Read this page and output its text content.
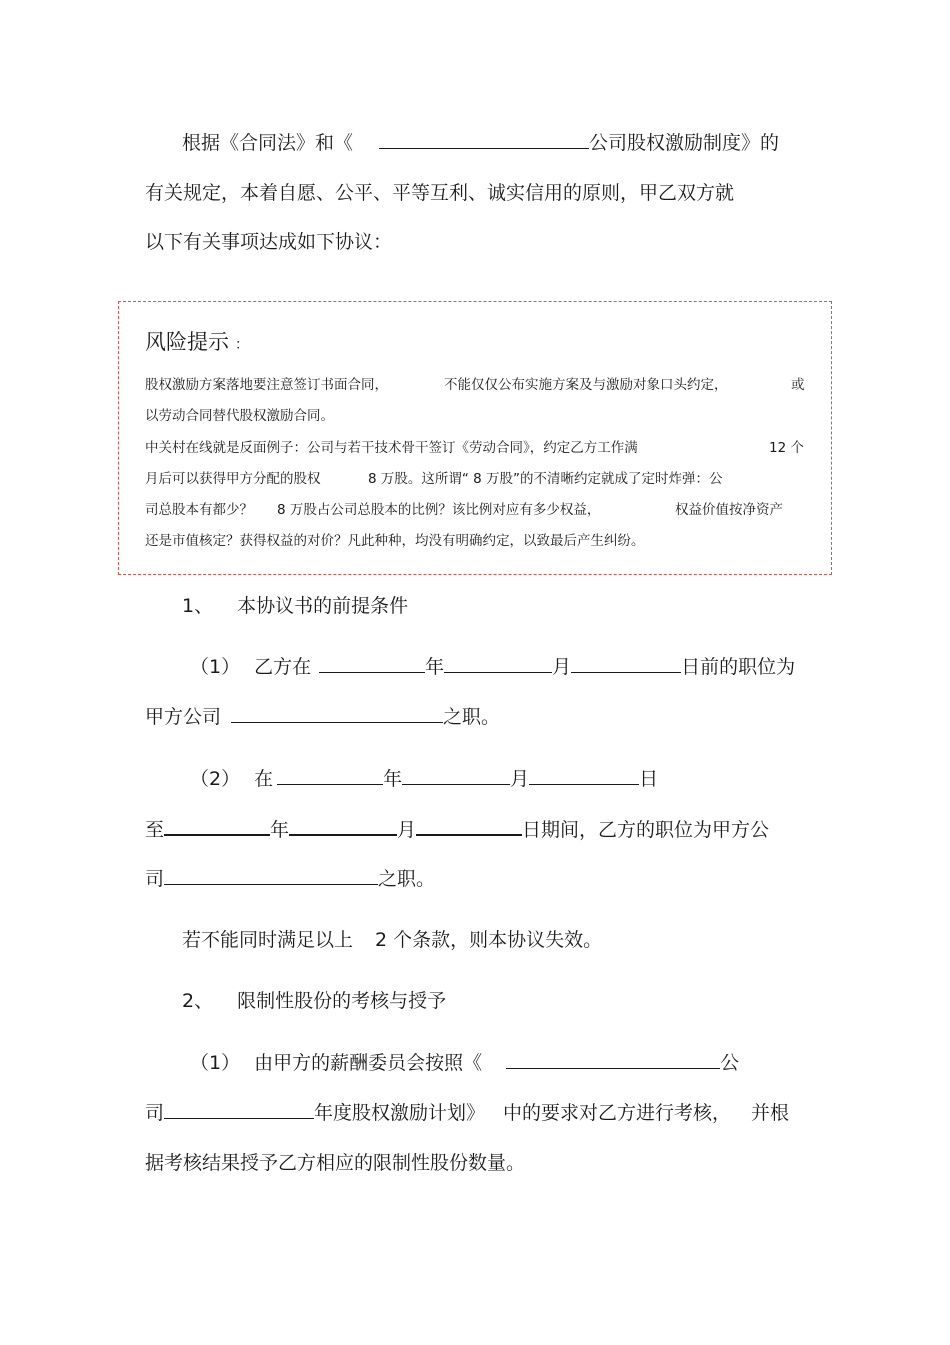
根据《合同法》和《	公司股权激励制度》的
有关规定，本着自愿、公平、平等互利、诚实信用的原则，甲乙双方就
以下有关事项达成如下协议：
风险提示 ：
股权激励方案落地要注意签订书面合同，	不能仅仅公布实施方案及与激励对象口头约定，	或
以劳动合同替代股权激励合同。
中关村在线就是反面例子：公司与若干技术骨干签订《劳动合同》，约定乙方工作满	12 个
月后可以获得甲方分配的股权	8 万股。这所谓“ 8 万股”的不清晰约定就成了定时炸弹：公
司总股本有都少？ 8 万股占公司总股本的比例？该比例对应有多少权益，	权益价值按净资产
还是市值核定？获得权益的对价？凡此种种，均没有明确约定，以致最后产生纠纷。
1、 本协议书的前提条件
（1） 乙方在	年	月	日前的职位为
甲方公司	之职。
（2） 在	年	月	日
至	年	月	日期间，乙方的职位为甲方公
司	之职。
若不能同时满足以上 2 个条款，则本协议失效。
2、 限制性股份的考核与授予
（1） 由甲方的薪酬委员会按照《	公
司	年度股权激励计划》 中的要求对乙方进行考核， 并根
据考核结果授予乙方相应的限制性股份数量。
